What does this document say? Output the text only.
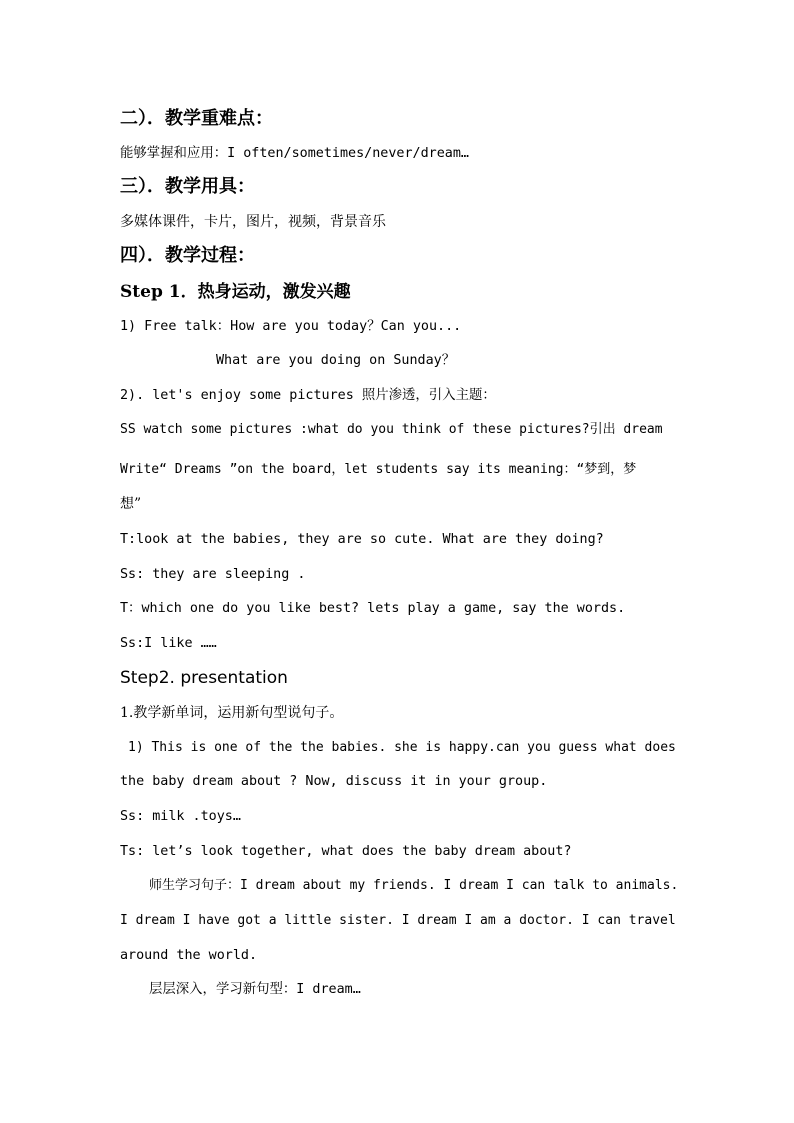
二）．教学重难点：
能够掌握和应用：I often/sometimes/never/dream…
三）．教学用具：
多媒体课件，卡片，图片，视频，背景音乐
四）．教学过程：
Step 1．热身运动，激发兴趣
1) Free talk：How are you today？Can you...
What are you doing on Sunday？
2). let's enjoy some pictures 照片渗透，引入主题：
SS watch some pictures :what do you think of these pictures?引出 dream
Write“ Dreams ”on the board，let students say its meaning：“梦到，梦
想”
T:look at the babies, they are so cute. What are they doing?
Ss: they are sleeping .
T：which one do you like best? lets play a game, say the words.
Ss:I like ……
Step2. presentation
1.教学新单词，运用新句型说句子。
1) This is one of the the babies. she is happy.can you guess what does
the baby dream about ? Now, discuss it in your group.
Ss: milk .toys…
Ts: let’s look together, what does the baby dream about?
师生学习句子：I dream about my friends. I dream I can talk to animals.
I dream I have got a little sister. I dream I am a doctor. I can travel
around the world.
层层深入，学习新句型：I dream…
